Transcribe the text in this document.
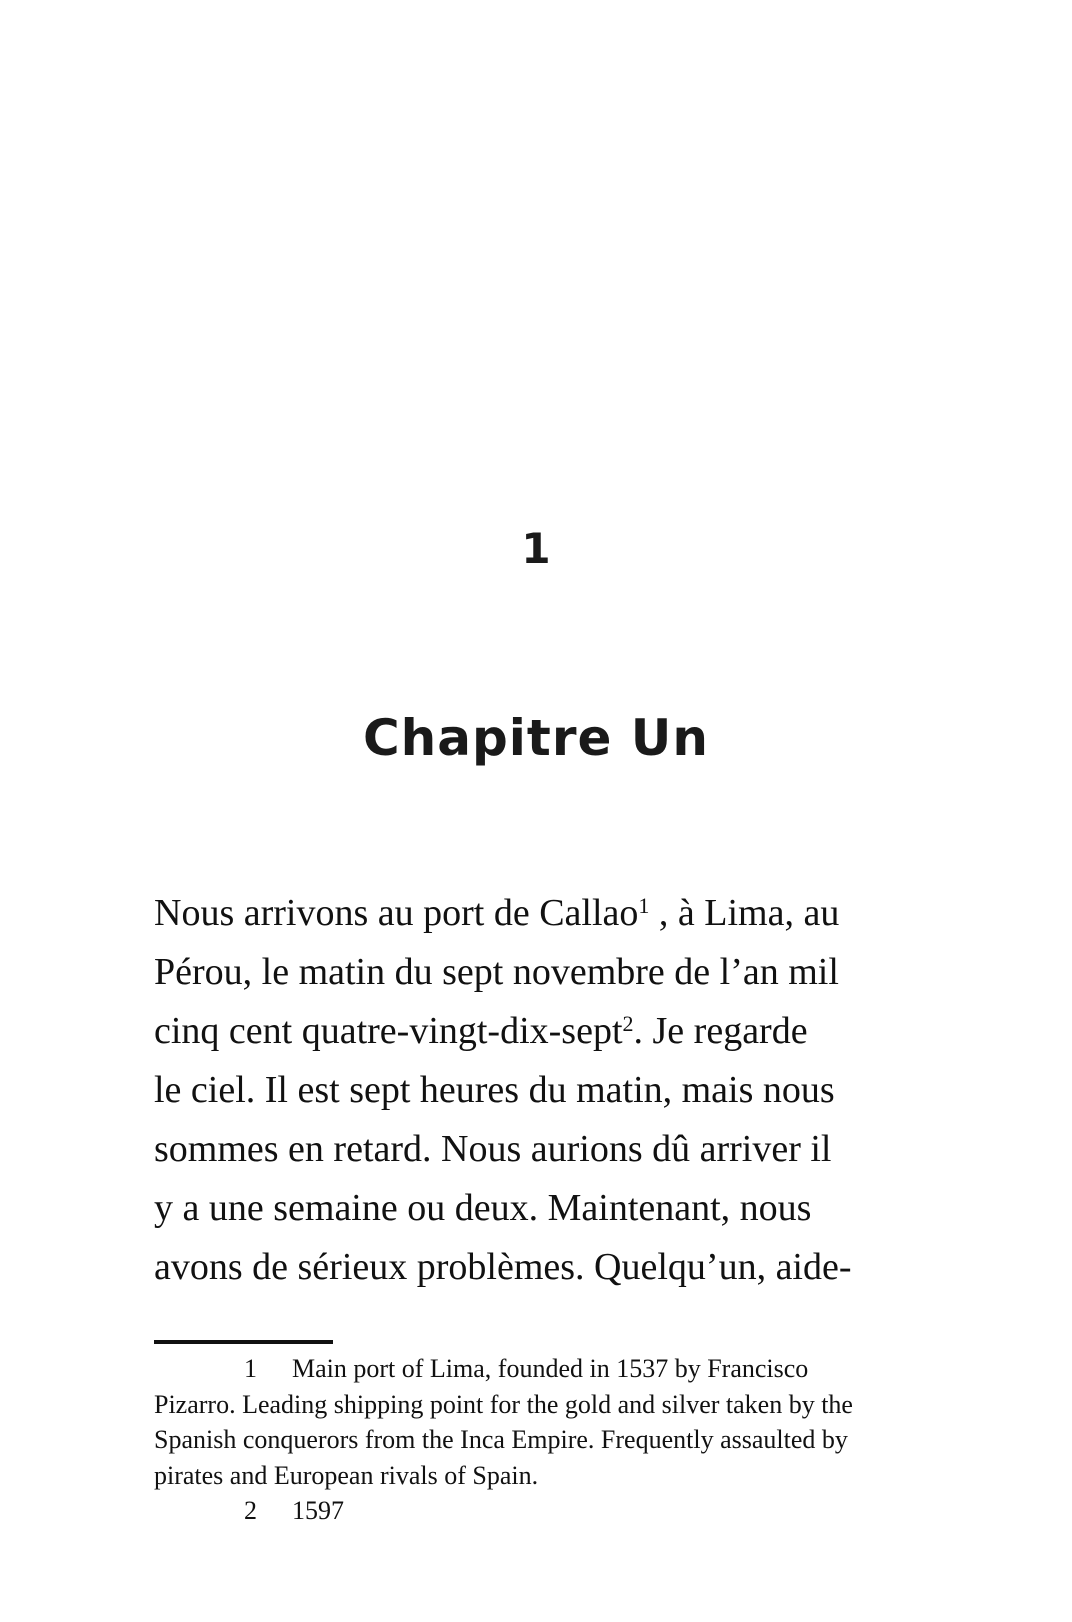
1
Chapitre Un

Nous arrivons au port de Callao$^1$ , à Lima, au
Pérou, le matin du sept novembre de l’an mil
cinq cent quatre-vingt-dix-sept$^2$. Je regarde
le ciel. Il est sept heures du matin, mais nous
sommes en retard. Nous aurions dû arriver il
y a une semaine ou deux. Maintenant, nous
avons de sérieux problèmes. Quelqu’un, aide-

1 Main port of Lima, founded in 1537 by Francisco
Pizarro. Leading shipping point for the gold and silver taken by the
Spanish conquerors from the Inca Empire. Frequently assaulted by
pirates and European rivals of Spain.
2 1597
